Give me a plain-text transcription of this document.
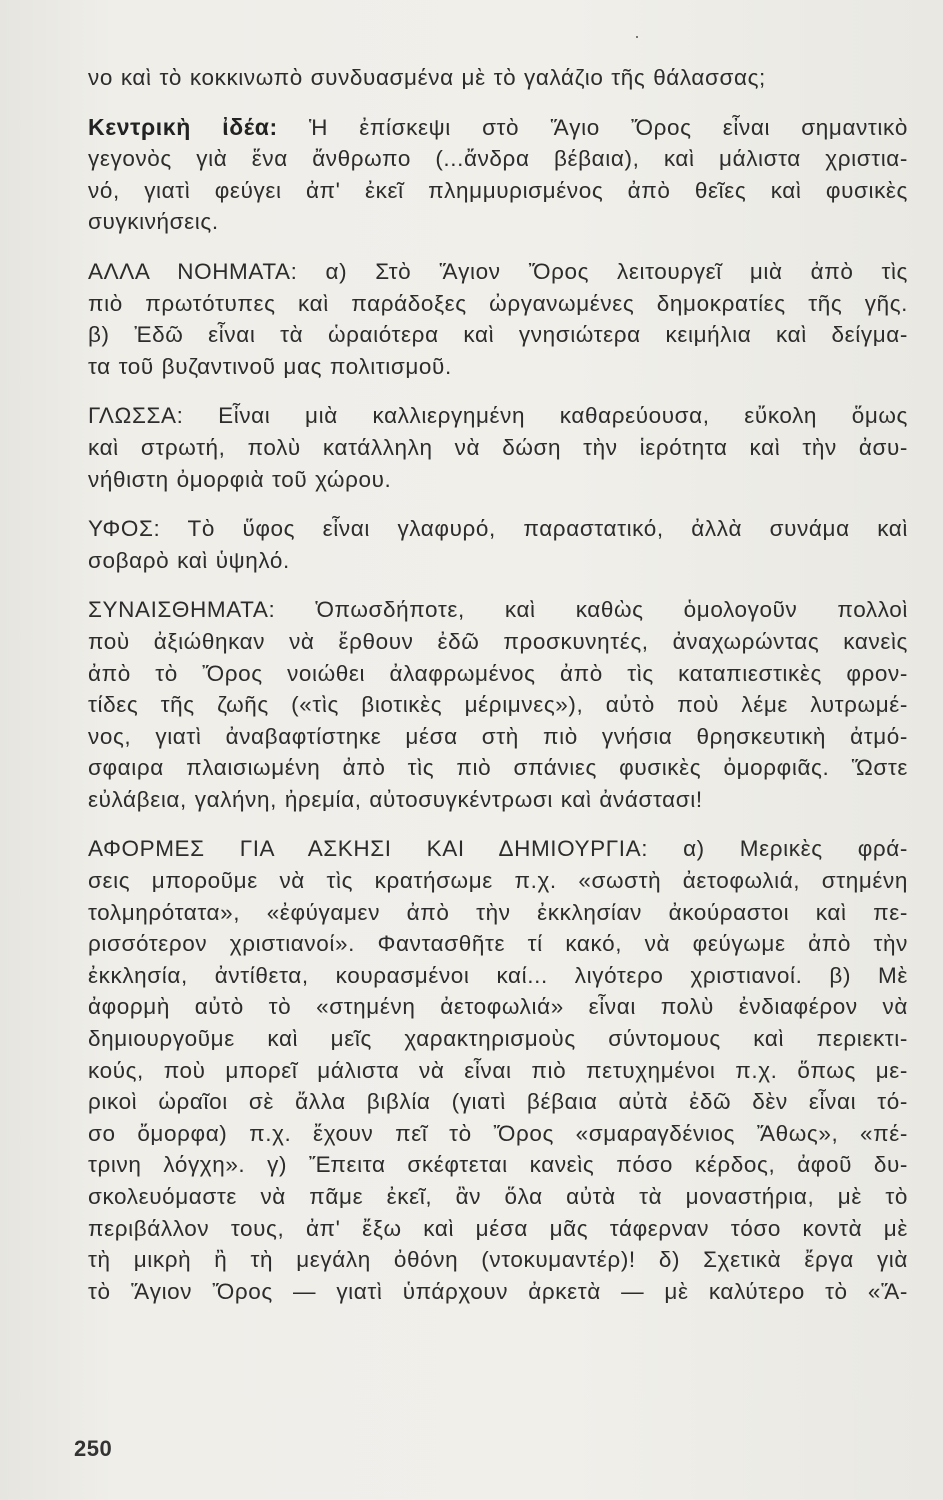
νο καὶ τὸ κοκκινωπὸ συνδυασμένα μὲ τὸ γαλάζιο τῆς θάλασσας;
Κεντρικὴ ἰδέα: Ἡ ἐπίσκεψι στὸ Ἅγιο Ὄρος εἶναι σημαντικὸ
γεγονὸς γιὰ ἕνα ἄνθρωπο (...ἄνδρα βέβαια), καὶ μάλιστα χριστια-
νό, γιατὶ φεύγει ἀπ' ἐκεῖ πλημμυρισμένος ἀπὸ θεῖες καὶ φυσικὲς
συγκινήσεις.
ΑΛΛΑ ΝΟΗΜΑΤΑ: α) Στὸ Ἅγιον Ὄρος λειτουργεῖ μιὰ ἀπὸ τὶς
πιὸ πρωτότυπες καὶ παράδοξες ὠργανωμένες δημοκρατίες τῆς γῆς.
β) Ἐδῶ εἶναι τὰ ὡραιότερα καὶ γνησιώτερα κειμήλια καὶ δείγμα-
τα τοῦ βυζαντινοῦ μας πολιτισμοῦ.
ΓΛΩΣΣΑ: Εἶναι μιὰ καλλιεργημένη καθαρεύουσα, εὔκολη ὅμως
καὶ στρωτή, πολὺ κατάλληλη νὰ δώση τὴν ἱερότητα καὶ τὴν ἀσυ-
νήθιστη ὀμορφιὰ τοῦ χώρου.
ΥΦΟΣ: Τὸ ὕφος εἶναι γλαφυρό, παραστατικό, ἀλλὰ συνάμα καὶ
σοβαρὸ καὶ ὑψηλό.
ΣΥΝΑΙΣΘΗΜΑΤΑ: Ὁπωσδήποτε, καὶ καθὼς ὁμολογοῦν πολλοὶ
ποὺ ἀξιώθηκαν νὰ ἔρθουν ἐδῶ προσκυνητές, ἀναχωρώντας κανεὶς
ἀπὸ τὸ Ὄρος νοιώθει ἀλαφρωμένος ἀπὸ τὶς καταπιεστικὲς φρον-
τίδες τῆς ζωῆς («τὶς βιοτικὲς μέριμνες»), αὐτὸ ποὺ λέμε λυτρωμέ-
νος, γιατὶ ἀναβαφτίστηκε μέσα στὴ πιὸ γνήσια θρησκευτικὴ ἀτμό-
σφαιρα πλαισιωμένη ἀπὸ τὶς πιὸ σπάνιες φυσικὲς ὀμορφιᾶς. Ὥστε
εὐλάβεια, γαλήνη, ἠρεμία, αὐτοσυγκέντρωσι καὶ ἀνάστασι!
ΑΦΟΡΜΕΣ ΓΙΑ ΑΣΚΗΣΙ ΚΑΙ ΔΗΜΙΟΥΡΓΙΑ: α) Μερικὲς φρά-
σεις μποροῦμε νὰ τὶς κρατήσωμε π.χ. «σωστὴ ἀετοφωλιά, στημένη
τολμηρότατα», «ἐφύγαμεν ἀπὸ τὴν ἐκκλησίαν ἀκούραστοι καὶ πε-
ρισσότερον χριστιανοί». Φαντασθῆτε τί κακό, νὰ φεύγωμε ἀπὸ τὴν
ἐκκλησία, ἀντίθετα, κουρασμένοι καί... λιγότερο χριστιανοί. β) Μὲ
ἀφορμὴ αὐτὸ τὸ «στημένη ἀετοφωλιά» εἶναι πολὺ ἐνδιαφέρον νὰ
δημιουργοῦμε καὶ μεῖς χαρακτηρισμοὺς σύντομους καὶ περιεκτι-
κούς, ποὺ μπορεῖ μάλιστα νὰ εἶναι πιὸ πετυχημένοι π.χ. ὅπως με-
ρικοὶ ὡραῖοι σὲ ἄλλα βιβλία (γιατὶ βέβαια αὐτὰ ἐδῶ δὲν εἶναι τό-
σο ὄμορφα) π.χ. ἔχουν πεῖ τὸ Ὄρος «σμαραγδένιος Ἄθως», «πέ-
τρινη λόγχη». γ) Ἔπειτα σκέφτεται κανεὶς πόσο κέρδος, ἀφοῦ δυ-
σκολευόμαστε νὰ πᾶμε ἐκεῖ, ἂν ὅλα αὐτὰ τὰ μοναστήρια, μὲ τὸ
περιβάλλον τους, ἀπ' ἔξω καὶ μέσα μᾶς τάφερναν τόσο κοντὰ μὲ
τὴ μικρὴ ἢ τὴ μεγάλη ὀθόνη (ντοκυμαντέρ)! δ) Σχετικὰ ἔργα γιὰ
τὸ Ἅγιον Ὄρος — γιατὶ ὑπάρχουν ἀρκετὰ — μὲ καλύτερο τὸ «Ἅ-
250
